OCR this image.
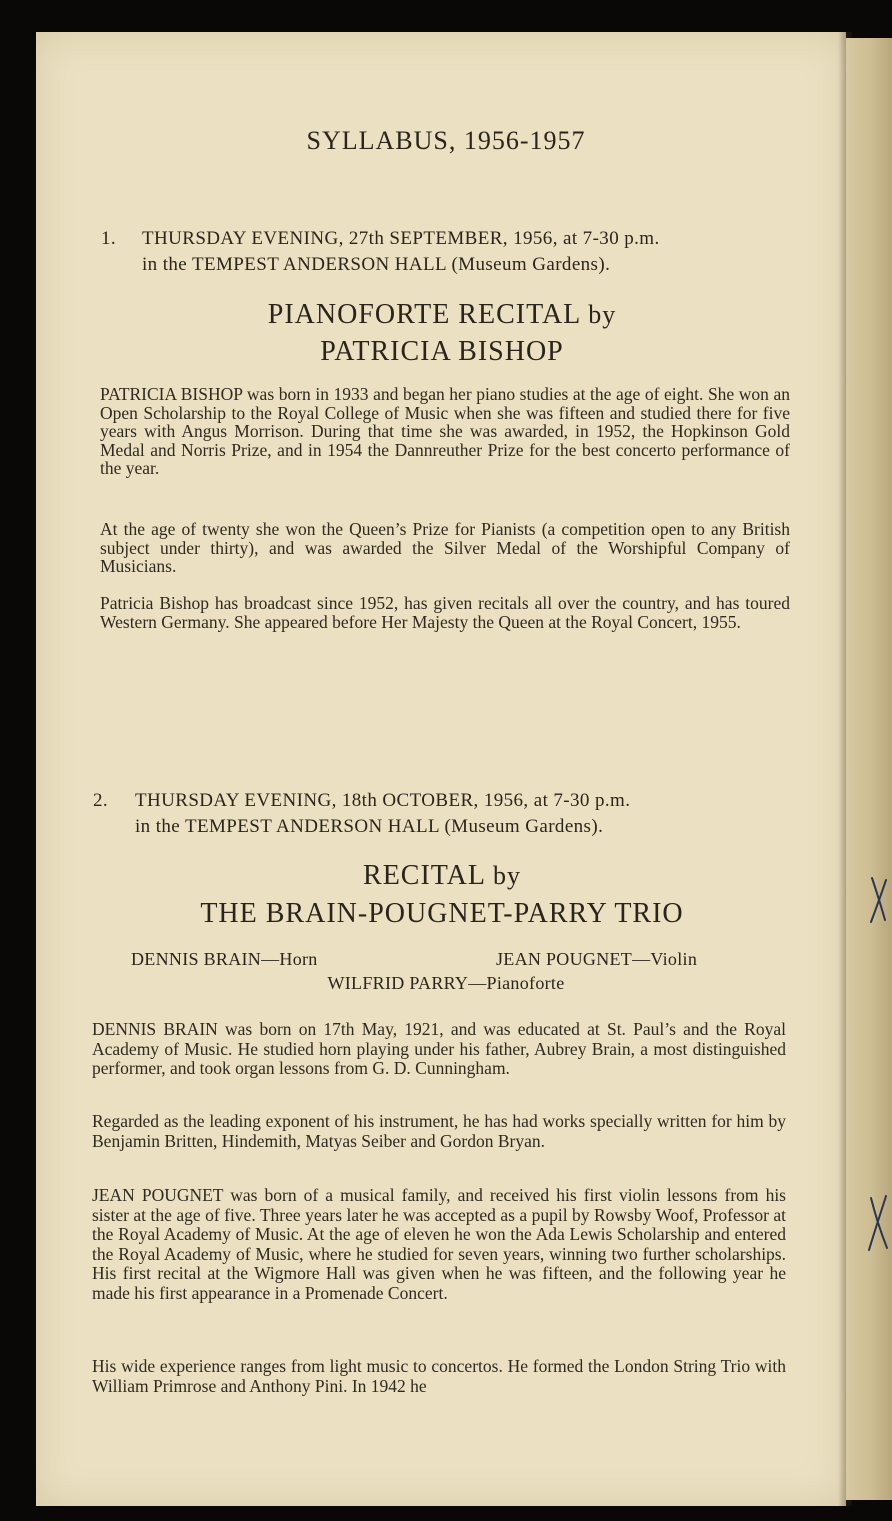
SYLLABUS, 1956-1957

1. THURSDAY EVENING, 27th SEPTEMBER, 1956, at 7-30 p.m.

in the TEMPEST ANDERSON HALL (Museum Gardens).

PIANOFORTE RECITAL by

PATRICIA BISHOP

PATRICIA BISHOP was born in 1933 and began her piano studies at the age of eight. She won an Open Scholarship to the Royal College of Music when she was fifteen and studied there for five years with Angus Morrison. During that time she was awarded, in 1952, the Hopkinson Gold Medal and Norris Prize, and in 1954 the Dannreuther Prize for the best concerto performance of the year.

At the age of twenty she won the Queen’s Prize for Pianists (a competition open to any British subject under thirty), and was awarded the Silver Medal of the Worshipful Company of Musicians.

Patricia Bishop has broadcast since 1952, has given recitals all over the country, and has toured Western Germany. She appeared before Her Majesty the Queen at the Royal Concert, 1955.

2. THURSDAY EVENING, 18th OCTOBER, 1956, at 7-30 p.m.

in the TEMPEST ANDERSON HALL (Museum Gardens).

RECITAL by

THE BRAIN-POUGNET-PARRY TRIO

DENNIS BRAIN—Horn	JEAN POUGNET—Violin

WILFRID PARRY—Pianoforte

DENNIS BRAIN was born on 17th May, 1921, and was educated at St. Paul’s and the Royal Academy of Music. He studied horn playing under his father, Aubrey Brain, a most distinguished performer, and took organ lessons from G. D. Cunningham.

Regarded as the leading exponent of his instrument, he has had works specially written for him by Benjamin Britten, Hindemith, Matyas Seiber and Gordon Bryan.

JEAN POUGNET was born of a musical family, and received his first violin lessons from his sister at the age of five. Three years later he was accepted as a pupil by Rowsby Woof, Professor at the Royal Academy of Music. At the age of eleven he won the Ada Lewis Scholarship and entered the Royal Academy of Music, where he studied for seven years, winning two further scholarships. His first recital at the Wigmore Hall was given when he was fifteen, and the following year he made his first appearance in a Promenade Concert.

His wide experience ranges from light music to concertos. He formed the London String Trio with William Primrose and Anthony Pini. In 1942 he
